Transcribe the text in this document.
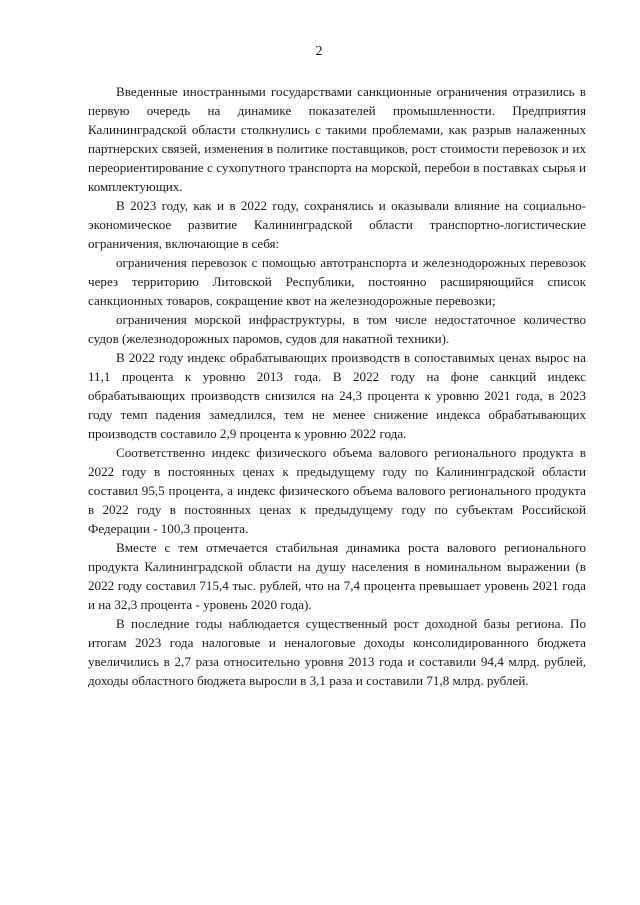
2

Введенные иностранными государствами санкционные ограничения отразились в первую очередь на динамике показателей промышленности. Предприятия Калининградской области столкнулись с такими проблемами, как разрыв налаженных партнерских связей, изменения в политике поставщиков, рост стоимости перевозок и их переориентирование с сухопутного транспорта на морской, перебои в поставках сырья и комплектующих.

В 2023 году, как и в 2022 году, сохранялись и оказывали влияние на социально-экономическое развитие Калининградской области транспортно-логистические ограничения, включающие в себя:

ограничения перевозок с помощью автотранспорта и железнодорожных перевозок через территорию Литовской Республики, постоянно расширяющийся список санкционных товаров, сокращение квот на железнодорожные перевозки;

ограничения морской инфраструктуры, в том числе недостаточное количество судов (железнодорожных паромов, судов для накатной техники).

В 2022 году индекс обрабатывающих производств в сопоставимых ценах вырос на 11,1 процента к уровню 2013 года. В 2022 году на фоне санкций индекс обрабатывающих производств снизился на 24,3 процента к уровню 2021 года, в 2023 году темп падения замедлился, тем не менее снижение индекса обрабатывающих производств составило 2,9 процента к уровню 2022 года.

Соответственно индекс физического объема валового регионального продукта в 2022 году в постоянных ценах к предыдущему году по Калининградской области составил 95,5 процента, а индекс физического объема валового регионального продукта в 2022 году в постоянных ценах к предыдущему году по субъектам Российской Федерации - 100,3 процента.

Вместе с тем отмечается стабильная динамика роста валового регионального продукта Калининградской области на душу населения в номинальном выражении (в 2022 году составил 715,4 тыс. рублей, что на 7,4 процента превышает уровень 2021 года и на 32,3 процента - уровень 2020 года).

В последние годы наблюдается существенный рост доходной базы региона. По итогам 2023 года налоговые и неналоговые доходы консолидированного бюджета увеличились в 2,7 раза относительно уровня 2013 года и составили 94,4 млрд. рублей, доходы областного бюджета выросли в 3,1 раза и составили 71,8 млрд. рублей.
